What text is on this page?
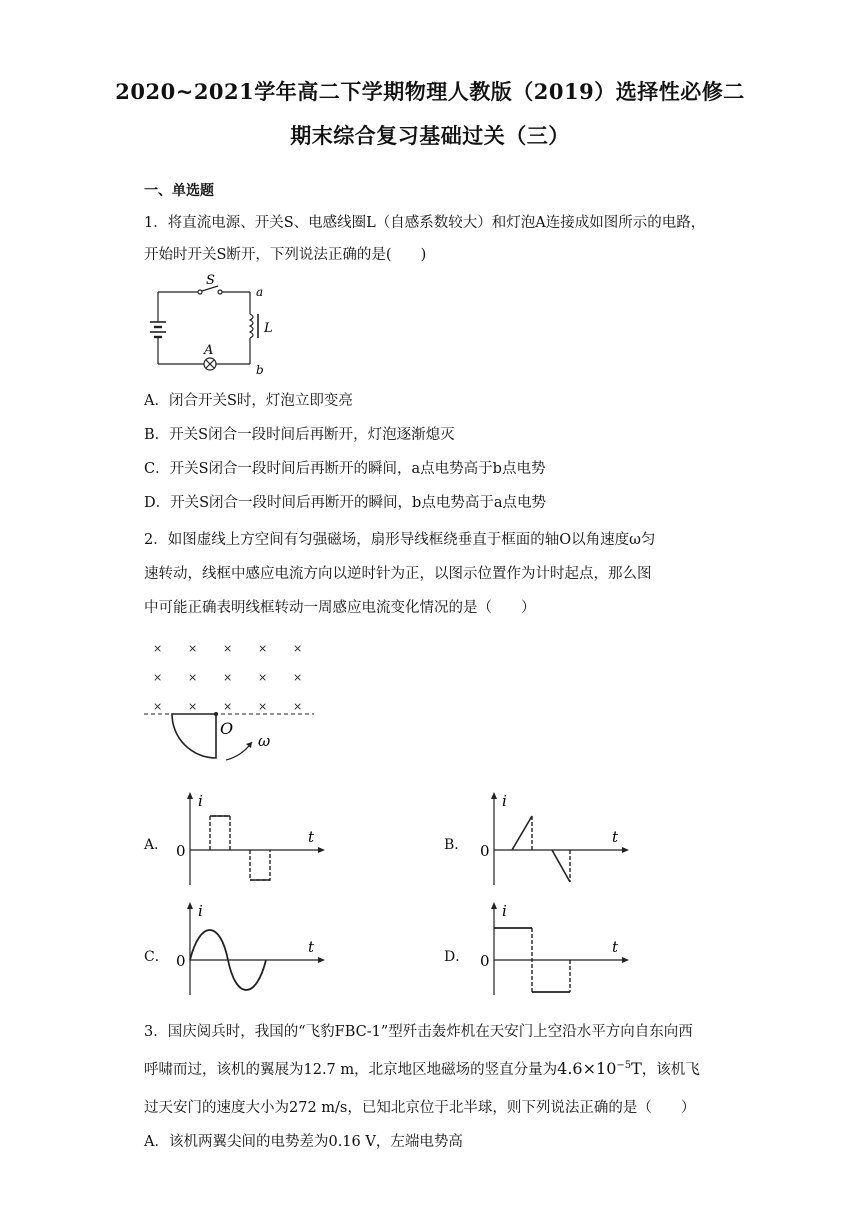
2020~2021学年高二下学期物理人教版（2019）选择性必修二
期末综合复习基础过关（三）
一、单选题
1．将直流电源、开关S、电感线圈L（自感系数较大）和灯泡A连接成如图所示的电路，
开始时开关S断开，下列说法正确的是(　　)
S
a
L
A
b
A．闭合开关S时，灯泡立即变亮
B．开关S闭合一段时间后再断开，灯泡逐渐熄灭
C．开关S闭合一段时间后再断开的瞬间，a点电势高于b点电势
D．开关S闭合一段时间后再断开的瞬间，b点电势高于a点电势
2．如图虚线上方空间有匀强磁场，扇形导线框绕垂直于框面的轴O以角速度ω匀
速转动，线框中感应电流方向以逆时针为正，以图示位置作为计时起点，那么图
中可能正确表明线框转动一周感应电流变化情况的是（　　）
× × × × ×
× × × × ×
× × × × ×
O
ω
A．
i
t
0	B．
i
t
0
C．
i
t
0	D．
i
t
0
3．国庆阅兵时，我国的“飞豹FBC-1”型歼击轰炸机在天安门上空沿水平方向自东向西
呼啸而过，该机的翼展为12.7 m，北京地区地磁场的竖直分量为$4.6\times 10^{-5}T$，该机飞
过天安门的速度大小为272 m/s，已知北京位于北半球，则下列说法正确的是（　　）
A．该机两翼尖间的电势差为0.16 V，左端电势高
